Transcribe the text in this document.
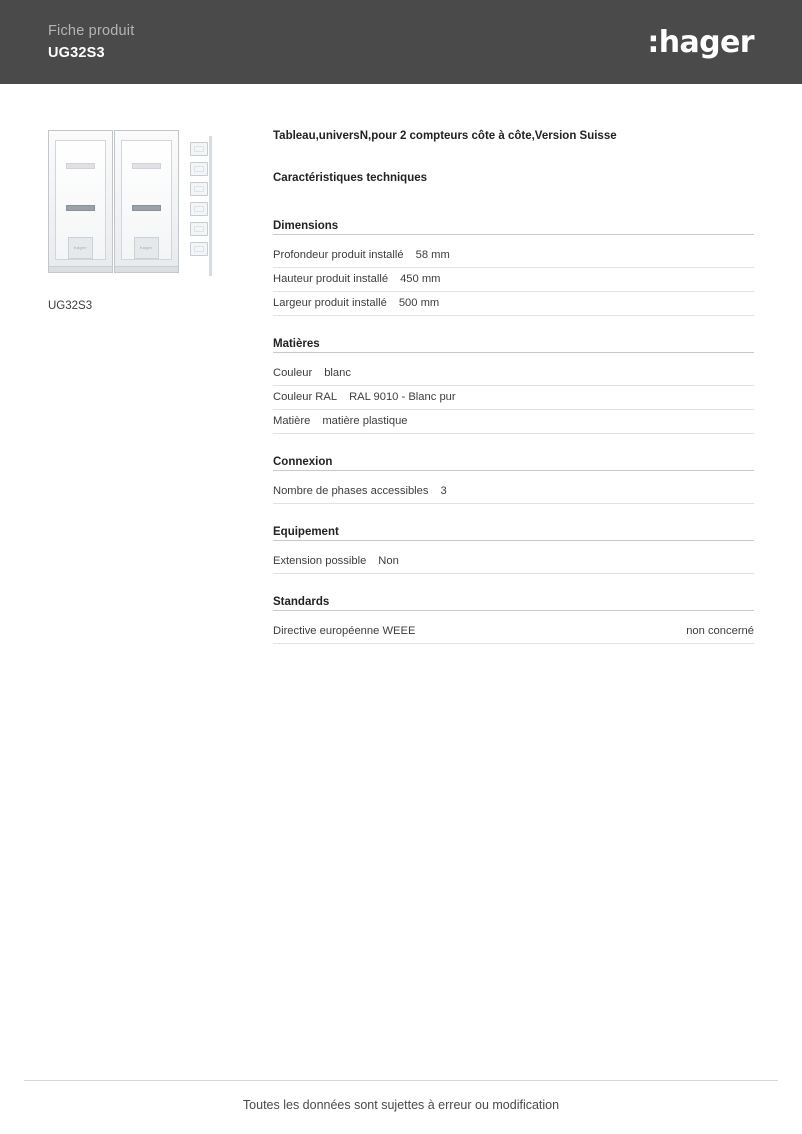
Fiche produit
UG32S3	:hager
hager	hager
UG32S3
Tableau,universN,pour 2 compteurs côte à côte,Version Suisse
Caractéristiques techniques
Dimensions
Profondeur produit installé 58 mm
Hauteur produit installé 450 mm
Largeur produit installé 500 mm
Matières
Couleur blanc
Couleur RAL RAL 9010 - Blanc pur
Matière matière plastique
Connexion
Nombre de phases accessibles 3
Equipement
Extension possible Non
Standards
Directive européenne WEEE	non concerné
Toutes les données sont sujettes à erreur ou modification
